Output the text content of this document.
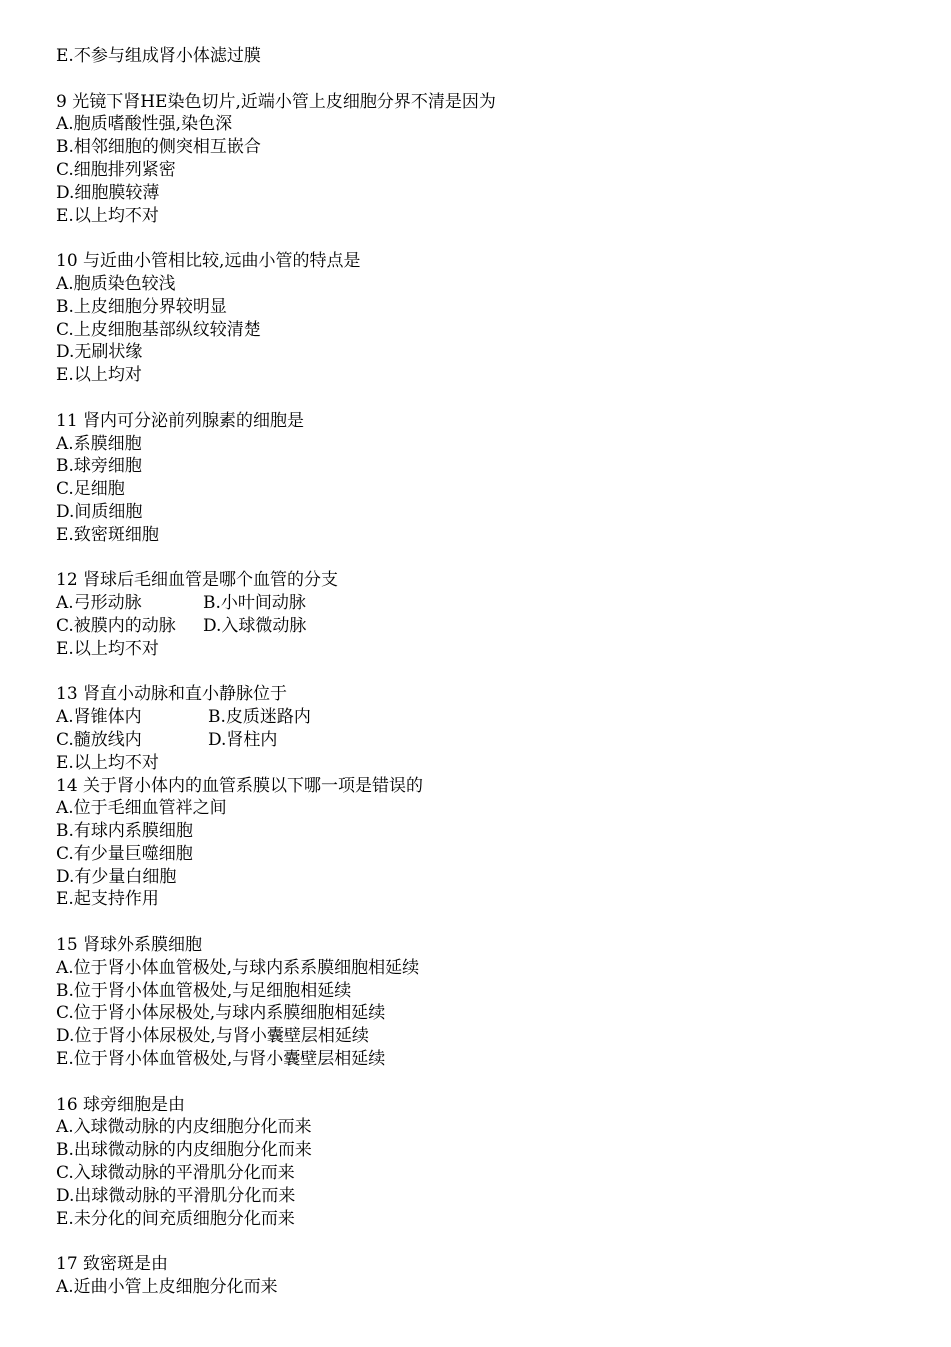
E.不参与组成肾小体滤过膜
9 光镜下肾HE染色切片,近端小管上皮细胞分界不清是因为
A.胞质嗜酸性强,染色深
B.相邻细胞的侧突相互嵌合
C.细胞排列紧密
D.细胞膜较薄
E.以上均不对
10 与近曲小管相比较,远曲小管的特点是
A.胞质染色较浅
B.上皮细胞分界较明显
C.上皮细胞基部纵纹较清楚
D.无刷状缘
E.以上均对
11 肾内可分泌前列腺素的细胞是
A.系膜细胞
B.球旁细胞
C.足细胞
D.间质细胞
E.致密斑细胞
12 肾球后毛细血管是哪个血管的分支
A.弓形动脉	B.小叶间动脉
C.被膜内的动脉 D.入球微动脉
E.以上均不对
13 肾直小动脉和直小静脉位于
A.肾锥体内	B.皮质迷路内
C.髓放线内	D.肾柱内
E.以上均不对
14 关于肾小体内的血管系膜以下哪一项是错误的
A.位于毛细血管袢之间
B.有球内系膜细胞
C.有少量巨噬细胞
D.有少量白细胞
E.起支持作用
15 肾球外系膜细胞
A.位于肾小体血管极处,与球内系系膜细胞相延续
B.位于肾小体血管极处,与足细胞相延续
C.位于肾小体尿极处,与球内系膜细胞相延续
D.位于肾小体尿极处,与肾小囊壁层相延续
E.位于肾小体血管极处,与肾小囊壁层相延续
16 球旁细胞是由
A.入球微动脉的内皮细胞分化而来
B.出球微动脉的内皮细胞分化而来
C.入球微动脉的平滑肌分化而来
D.出球微动脉的平滑肌分化而来
E.未分化的间充质细胞分化而来
17 致密斑是由
A.近曲小管上皮细胞分化而来
